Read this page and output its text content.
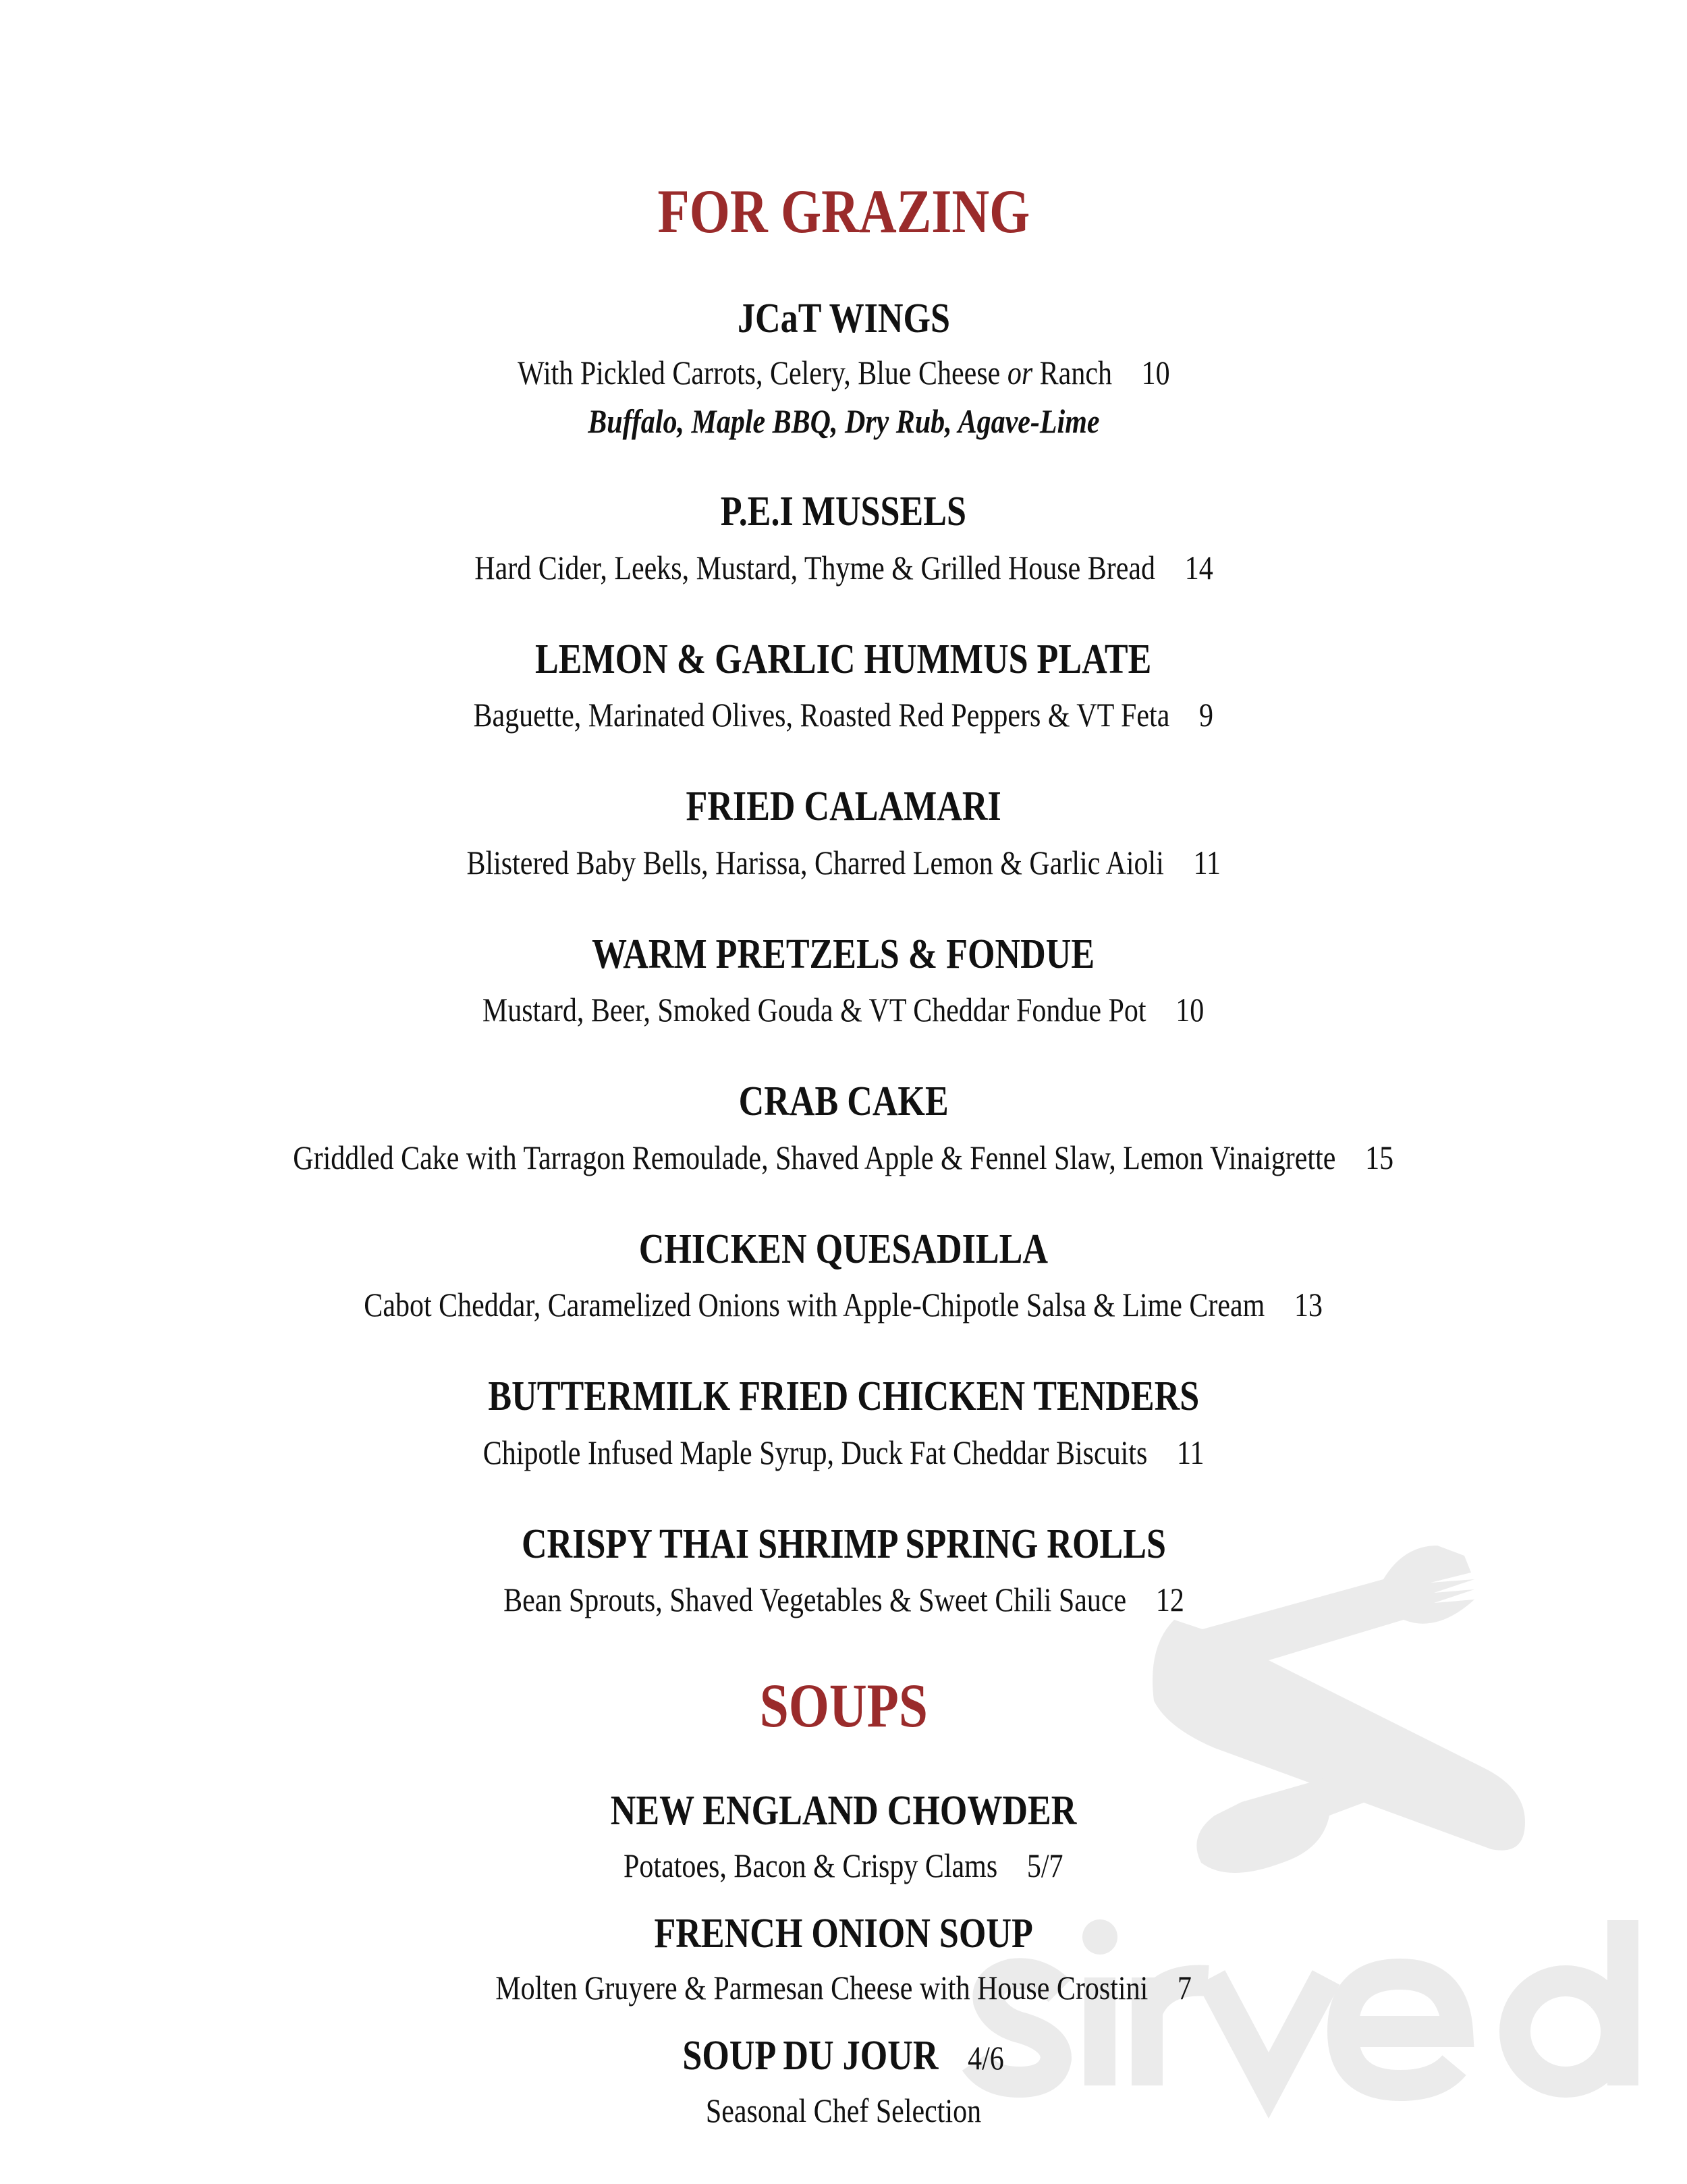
FOR GRAZING
JCaT WINGS
With Pickled Carrots, Celery, Blue Cheese or Ranch 10
Buffalo, Maple BBQ, Dry Rub, Agave-Lime
P.E.I MUSSELS
Hard Cider, Leeks, Mustard, Thyme & Grilled House Bread 14
LEMON & GARLIC HUMMUS PLATE
Baguette, Marinated Olives, Roasted Red Peppers & VT Feta 9
FRIED CALAMARI
Blistered Baby Bells, Harissa, Charred Lemon & Garlic Aioli 11
WARM PRETZELS & FONDUE
Mustard, Beer, Smoked Gouda & VT Cheddar Fondue Pot 10
CRAB CAKE
Griddled Cake with Tarragon Remoulade, Shaved Apple & Fennel Slaw, Lemon Vinaigrette 15
CHICKEN QUESADILLA
Cabot Cheddar, Caramelized Onions with Apple-Chipotle Salsa & Lime Cream 13
BUTTERMILK FRIED CHICKEN TENDERS
Chipotle Infused Maple Syrup, Duck Fat Cheddar Biscuits 11
CRISPY THAI SHRIMP SPRING ROLLS
Bean Sprouts, Shaved Vegetables & Sweet Chili Sauce 12
SOUPS
NEW ENGLAND CHOWDER
Potatoes, Bacon & Crispy Clams 5/7
FRENCH ONION SOUP
Molten Gruyere & Parmesan Cheese with House Crostini 7
SOUP DU JOUR 4/6
Seasonal Chef Selection
